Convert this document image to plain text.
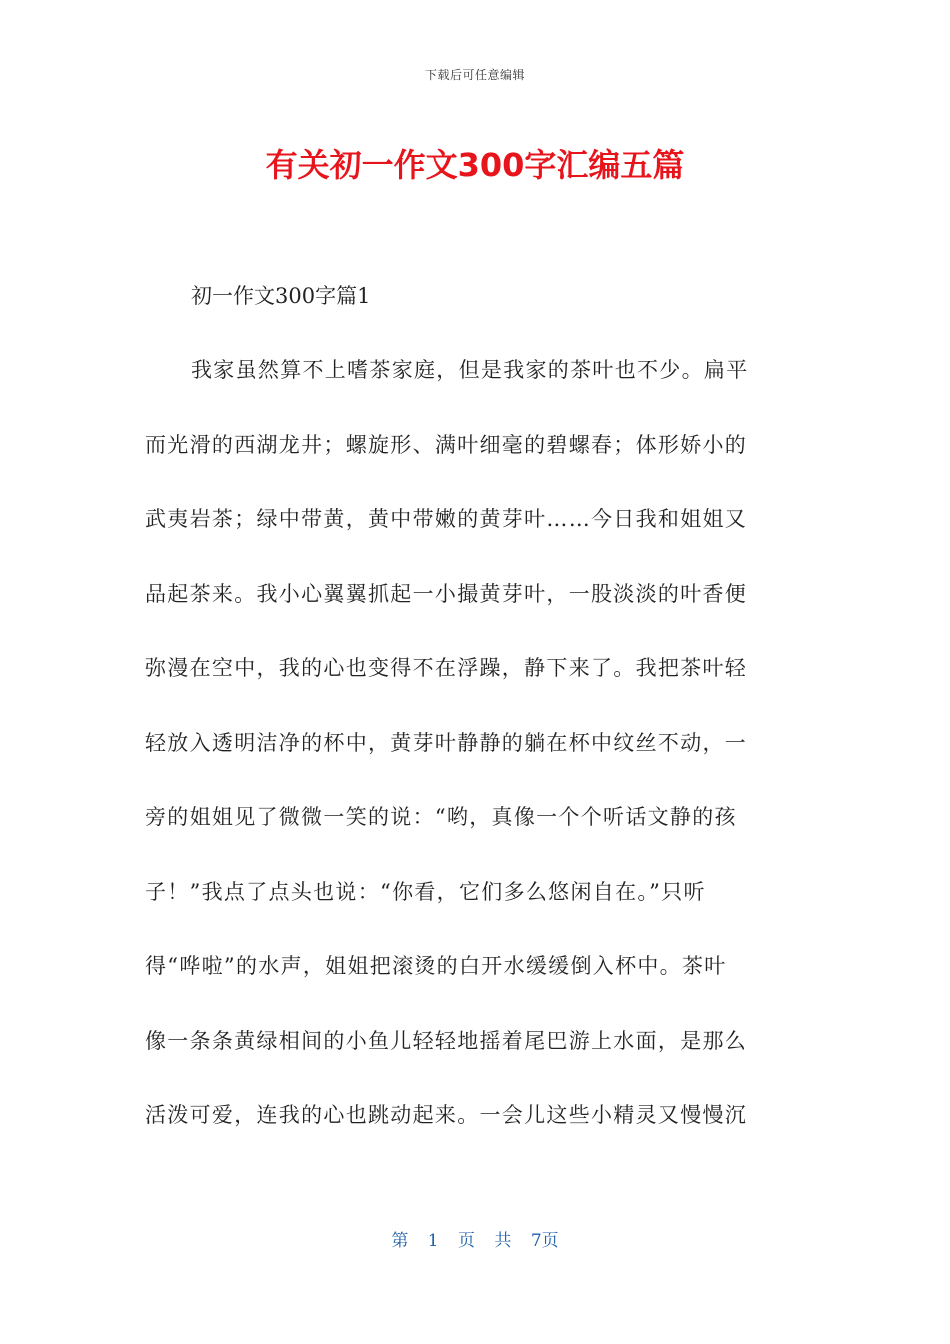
下载后可任意编辑
有关初一作文300字汇编五篇
初一作文300字篇1
我家虽然算不上嗜茶家庭，但是我家的茶叶也不少。扁平
而光滑的西湖龙井；螺旋形、满叶细毫的碧螺春；体形娇小的
武夷岩茶；绿中带黄，黄中带嫩的黄芽叶……今日我和姐姐又
品起茶来。我小心翼翼抓起一小撮黄芽叶，一股淡淡的叶香便
弥漫在空中，我的心也变得不在浮躁，静下来了。我把茶叶轻
轻放入透明洁净的杯中，黄芽叶静静的躺在杯中纹丝不动，一
旁的姐姐见了微微一笑的说：“哟，真像一个个听话文静的孩
子！”我点了点头也说：“你看，它们多么悠闲自在。”只听
得“哗啦”的水声，姐姐把滚烫的白开水缓缓倒入杯中。茶叶
像一条条黄绿相间的小鱼儿轻轻地摇着尾巴游上水面，是那么
活泼可爱，连我的心也跳动起来。一会儿这些小精灵又慢慢沉
第 1 页 共 7页
